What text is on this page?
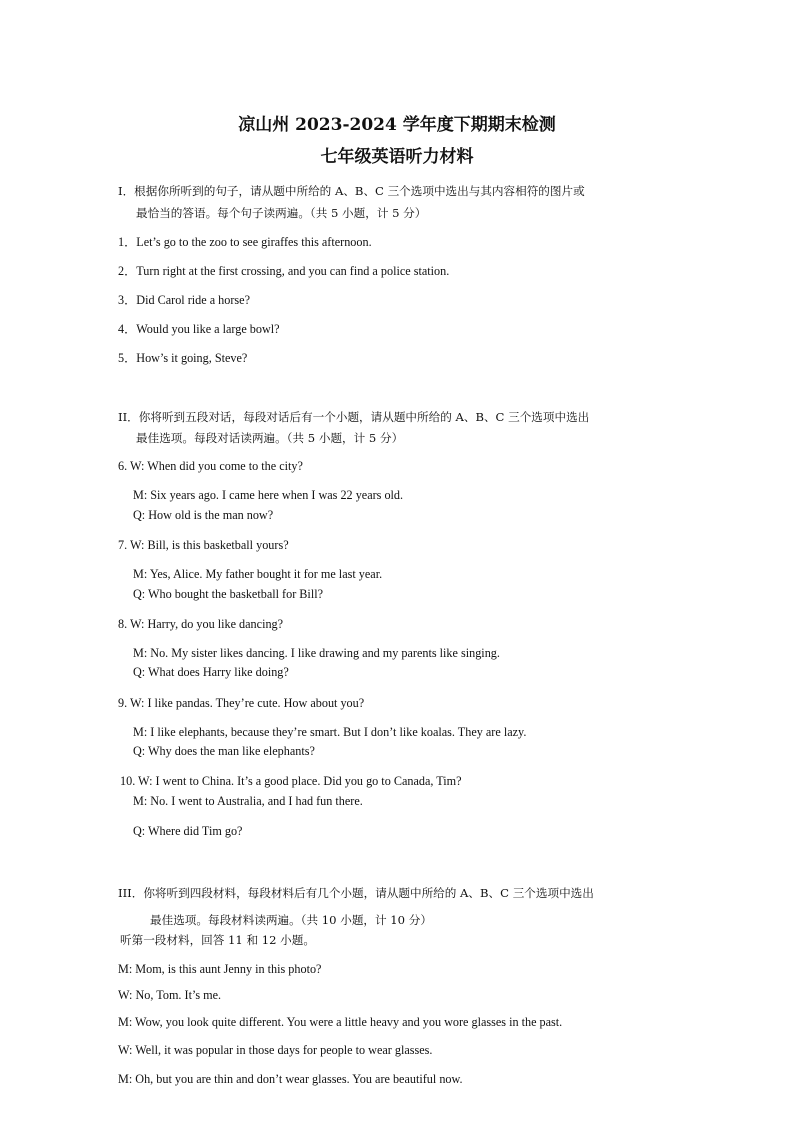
凉山州 2023-2024 学年度下期期末检测
七年级英语听力材料
I．根据你所听到的句子，请从题中所给的 A、B、C 三个选项中选出与其内容相符的图片或
最恰当的答语。每个句子读两遍。（共 5 小题，计 5 分）
1．Let’s go to the zoo to see giraffes this afternoon.
2．Turn right at the first crossing, and you can find a police station.
3．Did Carol ride a horse?
4．Would you like a large bowl?
5．How’s it going, Steve?
II．你将听到五段对话，每段对话后有一个小题，请从题中所给的 A、B、C 三个选项中选出
最佳选项。每段对话读两遍。（共 5 小题，计 5 分）
6. W: When did you come to the city?
M: Six years ago. I came here when I was 22 years old.
Q: How old is the man now?
7. W: Bill, is this basketball yours?
M: Yes, Alice. My father bought it for me last year.
Q: Who bought the basketball for Bill?
8. W: Harry, do you like dancing?
M: No. My sister likes dancing. I like drawing and my parents like singing.
Q: What does Harry like doing?
9. W: I like pandas. They’re cute. How about you?
M: I like elephants, because they’re smart. But I don’t like koalas. They are lazy.
Q: Why does the man like elephants?
10. W: I went to China. It’s a good place. Did you go to Canada, Tim?
M: No. I went to Australia, and I had fun there.
Q: Where did Tim go?
III．你将听到四段材料，每段材料后有几个小题，请从题中所给的 A、B、C 三个选项中选出
最佳选项。每段材料读两遍。（共 10 小题，计 10 分）
听第一段材料，回答 11 和 12 小题。
M: Mom, is this aunt Jenny in this photo?
W: No, Tom. It’s me.
M: Wow, you look quite different. You were a little heavy and you wore glasses in the past.
W: Well, it was popular in those days for people to wear glasses.
M: Oh, but you are thin and don’t wear glasses. You are beautiful now.
